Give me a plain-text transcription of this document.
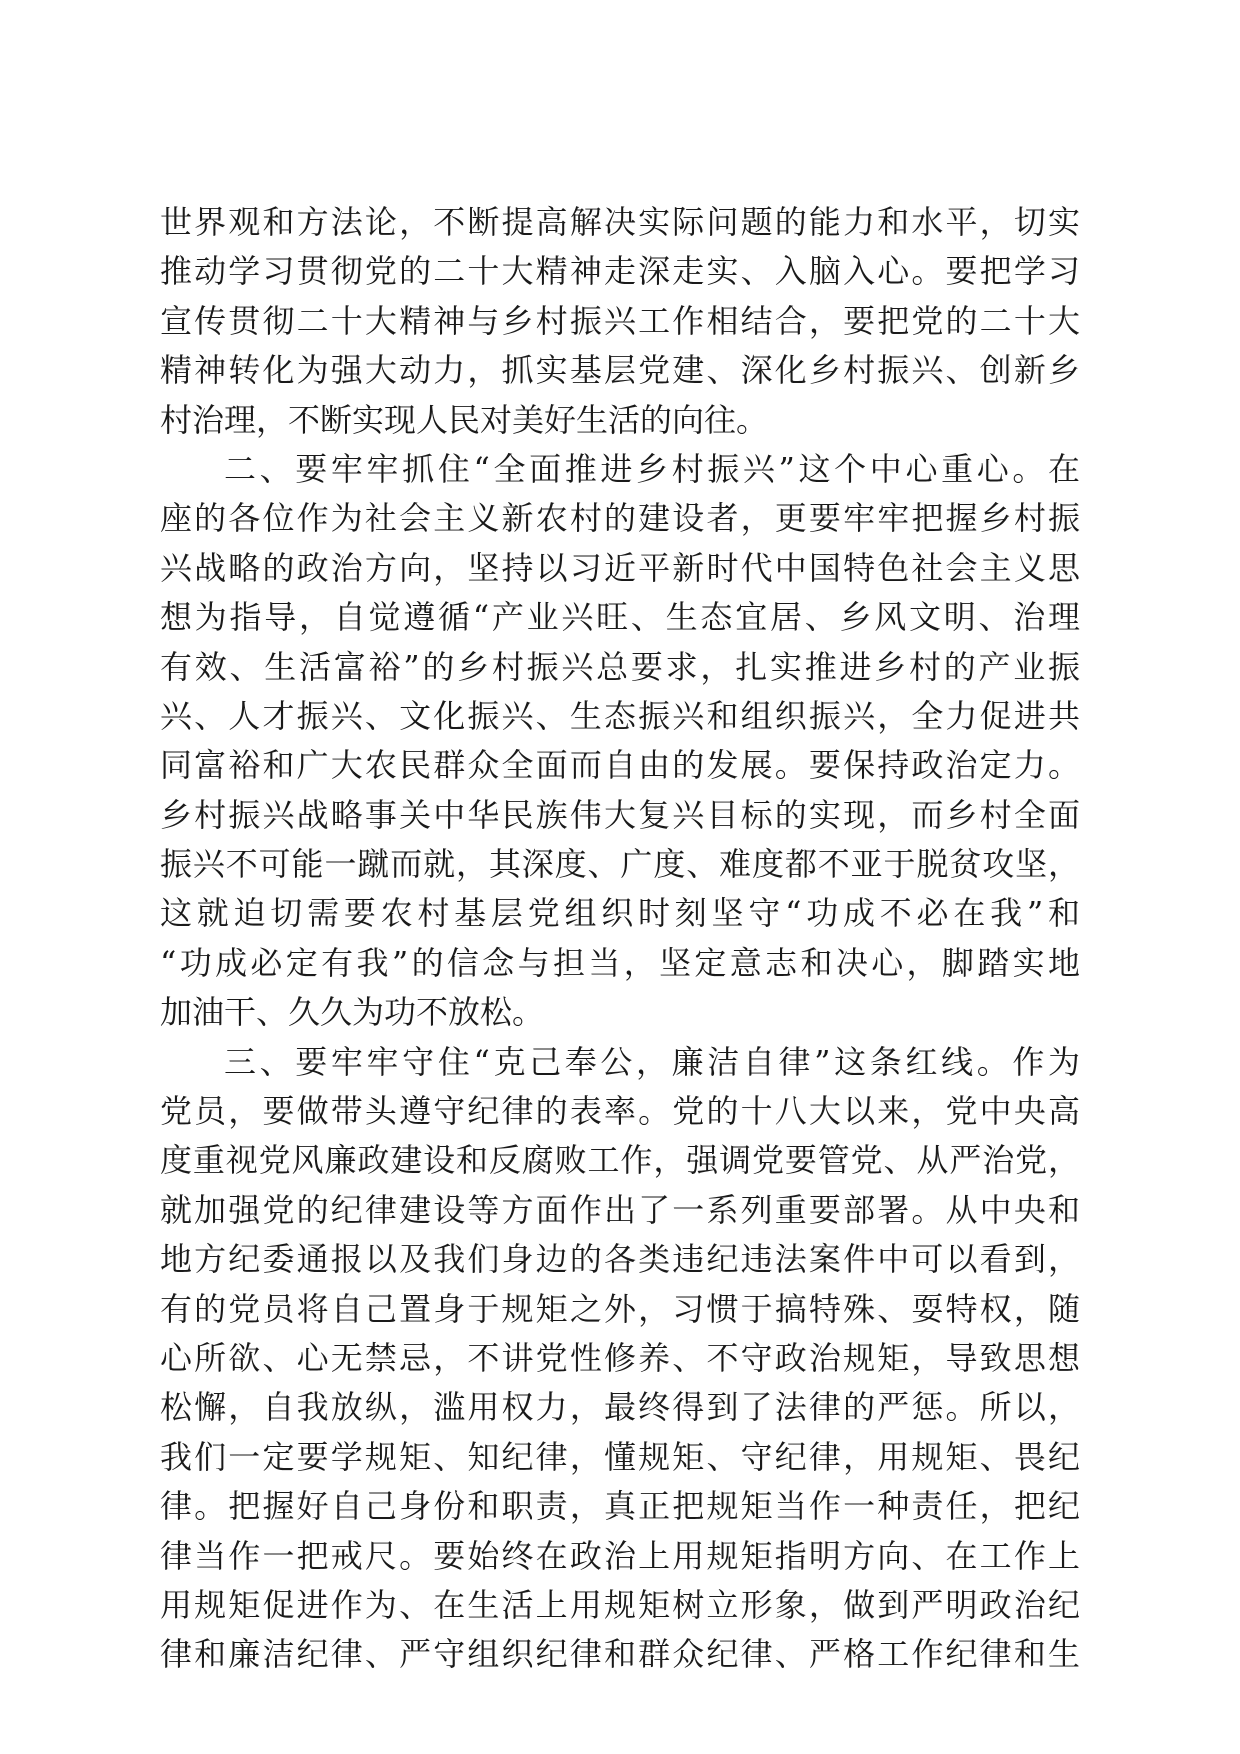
世界观和方法论，不断提高解决实际问题的能力和水平，切实
推动学习贯彻党的二十大精神走深走实、入脑入心。要把学习
宣传贯彻二十大精神与乡村振兴工作相结合，要把党的二十大
精神转化为强大动力，抓实基层党建、深化乡村振兴、创新乡
村治理，不断实现人民对美好生活的向往。
二、要牢牢抓住“全面推进乡村振兴”这个中心重心。在
座的各位作为社会主义新农村的建设者，更要牢牢把握乡村振
兴战略的政治方向，坚持以习近平新时代中国特色社会主义思
想为指导，自觉遵循“产业兴旺、生态宜居、乡风文明、治理
有效、生活富裕”的乡村振兴总要求，扎实推进乡村的产业振
兴、人才振兴、文化振兴、生态振兴和组织振兴，全力促进共
同富裕和广大农民群众全面而自由的发展。要保持政治定力。
乡村振兴战略事关中华民族伟大复兴目标的实现，而乡村全面
振兴不可能一蹴而就，其深度、广度、难度都不亚于脱贫攻坚，
这就迫切需要农村基层党组织时刻坚守“功成不必在我”和
“功成必定有我”的信念与担当，坚定意志和决心，脚踏实地
加油干、久久为功不放松。
三、要牢牢守住“克己奉公，廉洁自律”这条红线。作为
党员，要做带头遵守纪律的表率。党的十八大以来，党中央高
度重视党风廉政建设和反腐败工作，强调党要管党、从严治党，
就加强党的纪律建设等方面作出了一系列重要部署。从中央和
地方纪委通报以及我们身边的各类违纪违法案件中可以看到，
有的党员将自己置身于规矩之外，习惯于搞特殊、耍特权，随
心所欲、心无禁忌，不讲党性修养、不守政治规矩，导致思想
松懈，自我放纵，滥用权力，最终得到了法律的严惩。所以，
我们一定要学规矩、知纪律，懂规矩、守纪律，用规矩、畏纪
律。把握好自己身份和职责，真正把规矩当作一种责任，把纪
律当作一把戒尺。要始终在政治上用规矩指明方向、在工作上
用规矩促进作为、在生活上用规矩树立形象，做到严明政治纪
律和廉洁纪律、严守组织纪律和群众纪律、严格工作纪律和生
